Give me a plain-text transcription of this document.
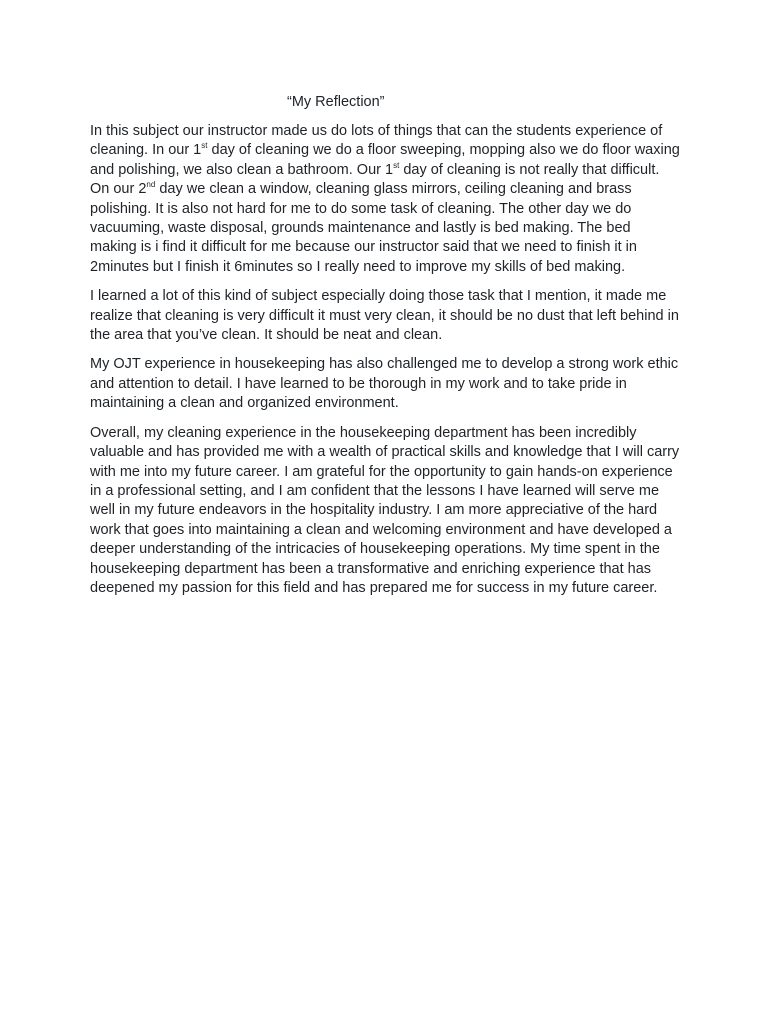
“My Reflection”

In this subject our instructor made us do lots of things that can the students experience of cleaning. In our 1st day of cleaning we do a floor sweeping, mopping also we do floor waxing and polishing, we also clean a bathroom. Our 1st day of cleaning is not really that difficult. On our 2nd day we clean a window, cleaning glass mirrors, ceiling cleaning and brass polishing. It is also not hard for me to do some task of cleaning. The other day we do vacuuming, waste disposal, grounds maintenance and lastly is bed making. The bed making is i find it difficult for me because our instructor said that we need to finish it in 2minutes but I finish it 6minutes so I really need to improve my skills of bed making.

I learned a lot of this kind of subject especially doing those task that I mention, it made me realize that cleaning is very difficult it must very clean, it should be no dust that left behind in the area that you’ve clean. It should be neat and clean.

My OJT experience in housekeeping has also challenged me to develop a strong work ethic and attention to detail. I have learned to be thorough in my work and to take pride in maintaining a clean and organized environment.

Overall, my cleaning experience in the housekeeping department has been incredibly valuable and has provided me with a wealth of practical skills and knowledge that I will carry with me into my future career. I am grateful for the opportunity to gain hands-on experience in a professional setting, and I am confident that the lessons I have learned will serve me well in my future endeavors in the hospitality industry. I am more appreciative of the hard work that goes into maintaining a clean and welcoming environment and have developed a deeper understanding of the intricacies of housekeeping operations. My time spent in the housekeeping department has been a transformative and enriching experience that has deepened my passion for this field and has prepared me for success in my future career.
